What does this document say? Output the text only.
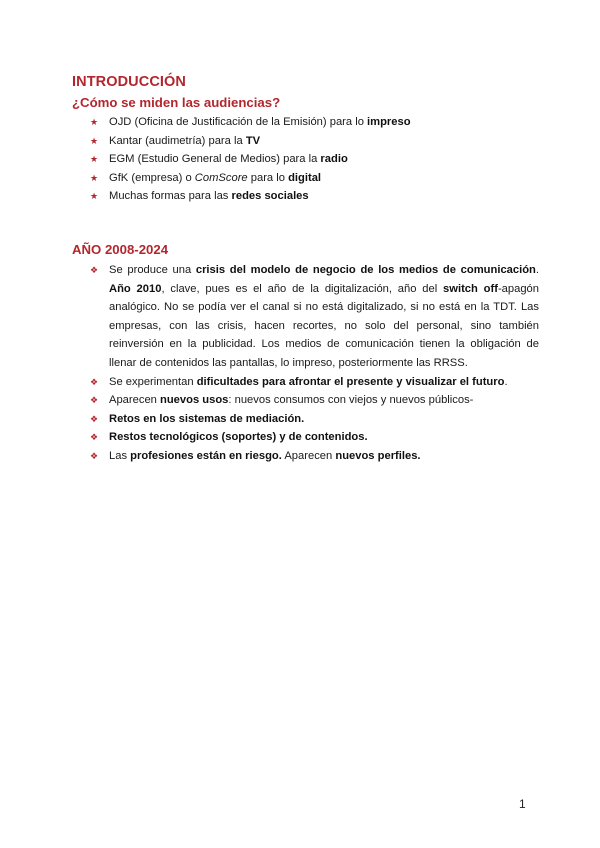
INTRODUCCIÓN
¿Cómo se miden las audiencias?
★ OJD (Oficina de Justificación de la Emisión) para lo impreso
★ Kantar (audimetría) para la TV
★ EGM (Estudio General de Medios) para la radio
★ GfK (empresa) o ComScore para lo digital
★ Muchas formas para las redes sociales
AÑO 2008-2024
❖ Se produce una crisis del modelo de negocio de los medios de comunicación. Año 2010, clave, pues es el año de la digitalización, año del switch off-apagón analógico. No se podía ver el canal si no está digitalizado, si no está en la TDT. Las empresas, con las crisis, hacen recortes, no solo del personal, sino también reinversión en la publicidad. Los medios de comunicación tienen la obligación de llenar de contenidos las pantallas, lo impreso, posteriormente las RRSS.
❖ Se experimentan dificultades para afrontar el presente y visualizar el futuro.
❖ Aparecen nuevos usos: nuevos consumos con viejos y nuevos públicos-
❖ Retos en los sistemas de mediación.
❖ Restos tecnológicos (soportes) y de contenidos.
❖ Las profesiones están en riesgo. Aparecen nuevos perfiles.
1
